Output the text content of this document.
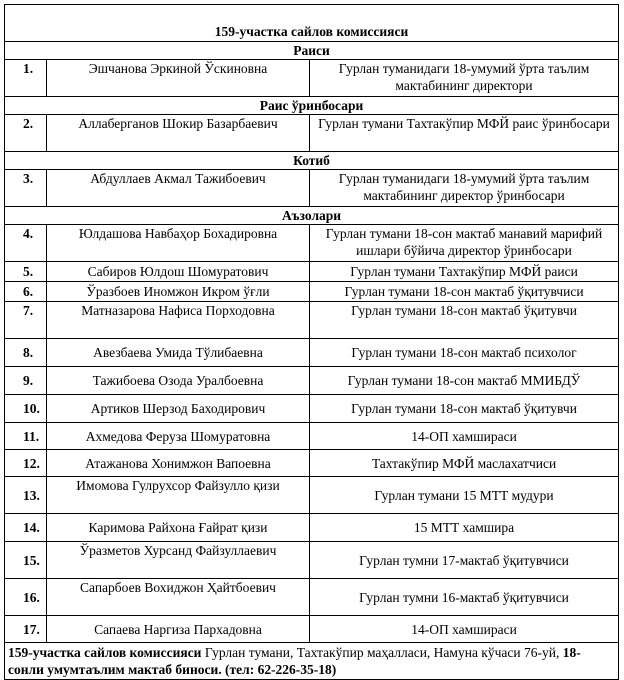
159-участка сайлов комиссияси		
Раиси		
1.	Эшчанова Эркиной Ўскиновна	Гурлан туманидаги 18-умумий ўрта таълим мактабининг директори
Раис ўринбосари		
2.	Аллаберганов Шокир Базарбаевич	Гурлан тумани Тахтакўпир МФЙ раис ўринбосари
Котиб		
3.	Абдуллаев Акмал Тажибоевич	Гурлан туманидаги 18-умумий ўрта таълим мактабининг директор ўринбосари
Аъзолари		
4.	Юлдашова Навбаҳор Бохадировна	Гурлан тумани 18-сон мактаб манавий марифий ишлари бўйича директор ўринбосари
5.	Сабиров Юлдош Шомуратович	Гурлан тумани Тахтакўпир МФЙ раиси
6.	Ўразбоев Иномжон Икром ўғли	Гурлан тумани 18-сон мактаб ўқитувчиси
7.	Матназарова Нафиса Порходовна	Гурлан тумани 18-сон мактаб ўқитувчи
8.	Авезбаева Умида Тўлибаевна	Гурлан тумани 18-сон мактаб психолог
9.	Тажибоева Озода Уралбоевна	Гурлан тумани 18-сон мактаб ММИБДЎ
10.	Артиков Шерзод Баходирович	Гурлан тумани 18-сон мактаб ўқитувчи
11.	Ахмедова Феруза Шомуратовна	14-ОП хамшираси
12.	Атажанова Хонимжон Вапоевна	Тахтакўпир МФЙ маслахатчиси
13.	Имомова Гулрухсор Файзулло қизи	Гурлан тумани 15 МТТ мудури
14.	Каримова Райхона Ғайрат қизи	15 МТТ хамшира
15.	Ўразметов Хурсанд Файзуллаевич	Гурлан тумни 17-мактаб ўқитувчиси
16.	Сапарбоев Вохиджон Ҳайтбоевич	Гурлан тумни 16-мактаб ўқитувчиси
17.	Сапаева Наргиза Пархадовна	14-ОП хамшираси
159-участка сайлов комиссияси Гурлан тумани, Тахтакўпир маҳалласи, Намуна кўчаси 76-уй, 18-сонли умумтаълим мактаб биноси. (тел: 62-226-35-18)		
